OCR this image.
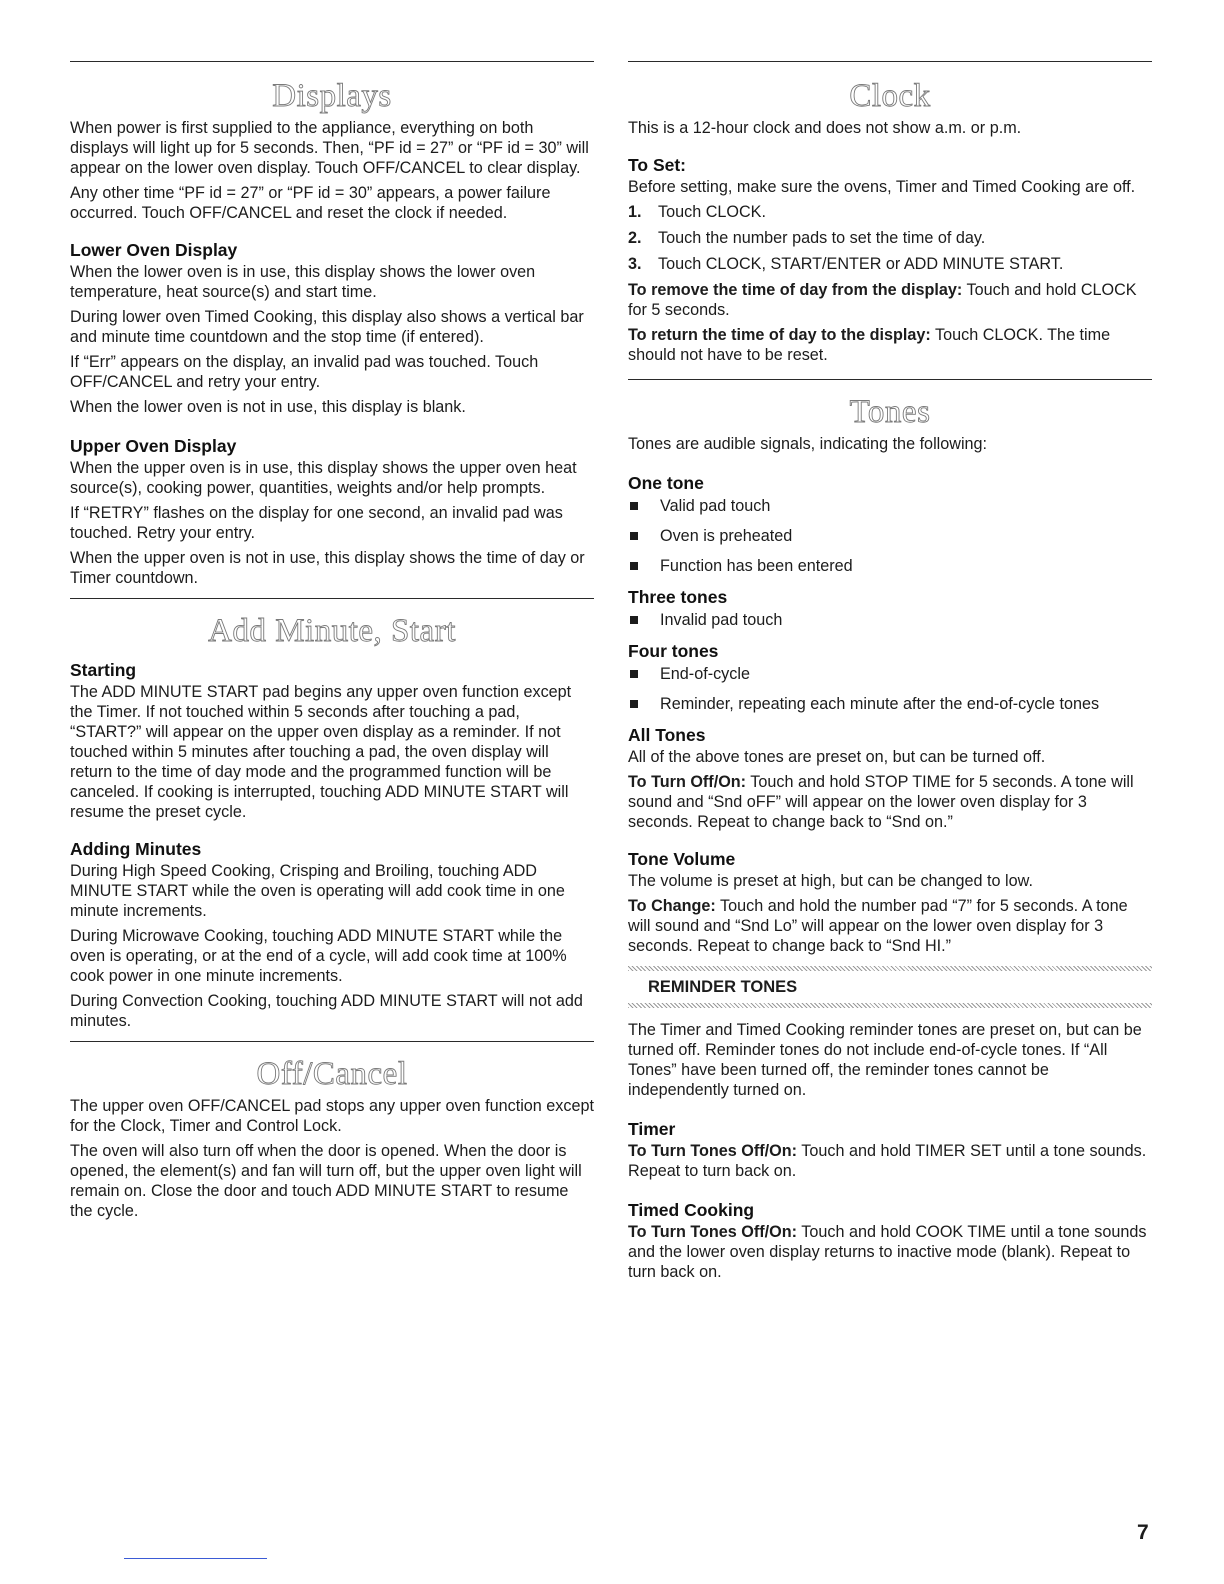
Displays

When power is first supplied to the appliance, everything on both displays will light up for 5 seconds. Then, “PF id = 27” or “PF id = 30” will appear on the lower oven display. Touch OFF/CANCEL to clear display.

Any other time “PF id = 27” or “PF id = 30” appears, a power failure occurred. Touch OFF/CANCEL and reset the clock if needed.

Lower Oven Display

When the lower oven is in use, this display shows the lower oven temperature, heat source(s) and start time.

During lower oven Timed Cooking, this display also shows a vertical bar and minute time countdown and the stop time (if entered).

If “Err” appears on the display, an invalid pad was touched. Touch OFF/CANCEL and retry your entry.

When the lower oven is not in use, this display is blank.

Upper Oven Display

When the upper oven is in use, this display shows the upper oven heat source(s), cooking power, quantities, weights and/or help prompts.

If “RETRY” flashes on the display for one second, an invalid pad was touched. Retry your entry.

When the upper oven is not in use, this display shows the time of day or Timer countdown.

Add Minute, Start
Starting

The ADD MINUTE START pad begins any upper oven function except the Timer. If not touched within 5 seconds after touching a pad, “START?” will appear on the upper oven display as a reminder. If not touched within 5 minutes after touching a pad, the oven display will return to the time of day mode and the programmed function will be canceled. If cooking is interrupted, touching ADD MINUTE START will resume the preset cycle.

Adding Minutes

During High Speed Cooking, Crisping and Broiling, touching ADD MINUTE START while the oven is operating will add cook time in one minute increments.

During Microwave Cooking, touching ADD MINUTE START while the oven is operating, or at the end of a cycle, will add cook time at 100% cook power in one minute increments.

During Convection Cooking, touching ADD MINUTE START will not add minutes.

Off/Cancel

The upper oven OFF/CANCEL pad stops any upper oven function except for the Clock, Timer and Control Lock.

The oven will also turn off when the door is opened. When the door is opened, the element(s) and fan will turn off, but the upper oven light will remain on. Close the door and touch ADD MINUTE START to resume the cycle.

Clock

This is a 12-hour clock and does not show a.m. or p.m.

To Set:

Before setting, make sure the ovens, Timer and Timed Cooking are off.

1.	Touch CLOCK.
2.	Touch the number pads to set the time of day.
3.	Touch CLOCK, START/ENTER or ADD MINUTE START.

To remove the time of day from the display: Touch and hold CLOCK for 5 seconds.

To return the time of day to the display: Touch CLOCK. The time should not have to be reset.

Tones

Tones are audible signals, indicating the following:

One tone
Valid pad touch
Oven is preheated
Function has been entered
Three tones
Invalid pad touch
Four tones
End-of-cycle
Reminder, repeating each minute after the end-of-cycle tones
All Tones

All of the above tones are preset on, but can be turned off.

To Turn Off/On: Touch and hold STOP TIME for 5 seconds. A tone will sound and “Snd oFF” will appear on the lower oven display for 3 seconds. Repeat to change back to “Snd on.”

Tone Volume

The volume is preset at high, but can be changed to low.

To Change: Touch and hold the number pad “7” for 5 seconds. A tone will sound and “Snd Lo” will appear on the lower oven display for 3 seconds. Repeat to change back to “Snd HI.”

REMINDER TONES

The Timer and Timed Cooking reminder tones are preset on, but can be turned off. Reminder tones do not include end-of-cycle tones. If “All Tones” have been turned off, the reminder tones cannot be independently turned on.

Timer

To Turn Tones Off/On: Touch and hold TIMER SET until a tone sounds. Repeat to turn back on.

Timed Cooking

To Turn Tones Off/On: Touch and hold COOK TIME until a tone sounds and the lower oven display returns to inactive mode (blank). Repeat to turn back on.

7
